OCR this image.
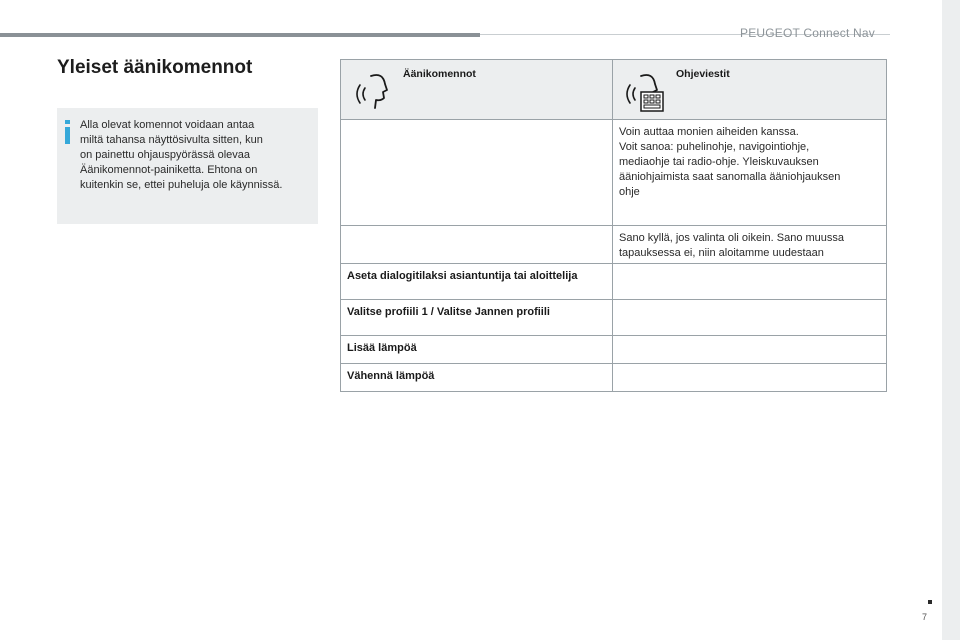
PEUGEOT Connect Nav
Yleiset äänikomennot

Alla olevat komennot voidaan antaa
miltä tahansa näyttösivulta sitten, kun
on painettu ohjauspyörässä olevaa
Äänikomennot-painiketta. Ehtona on
kuitenkin se, ettei puheluja ole käynnissä.

Äänikomennot	Ohjeviestit

	Voin auttaa monien aiheiden kanssa.
Voit sanoa: puhelinohje, navigointiohje,
mediaohje tai radio-ohje. Yleiskuvauksen
ääniohjaimista saat sanomalla ääniohjauksen
ohje
	Sano kyllä, jos valinta oli oikein. Sano muussa
tapauksessa ei, niin aloitamme uudestaan
Aseta dialogitilaksi asiantuntija tai aloittelija	
Valitse profiili 1 / Valitse Jannen profiili	
Lisää lämpöä	
Vähennä lämpöä	
7
